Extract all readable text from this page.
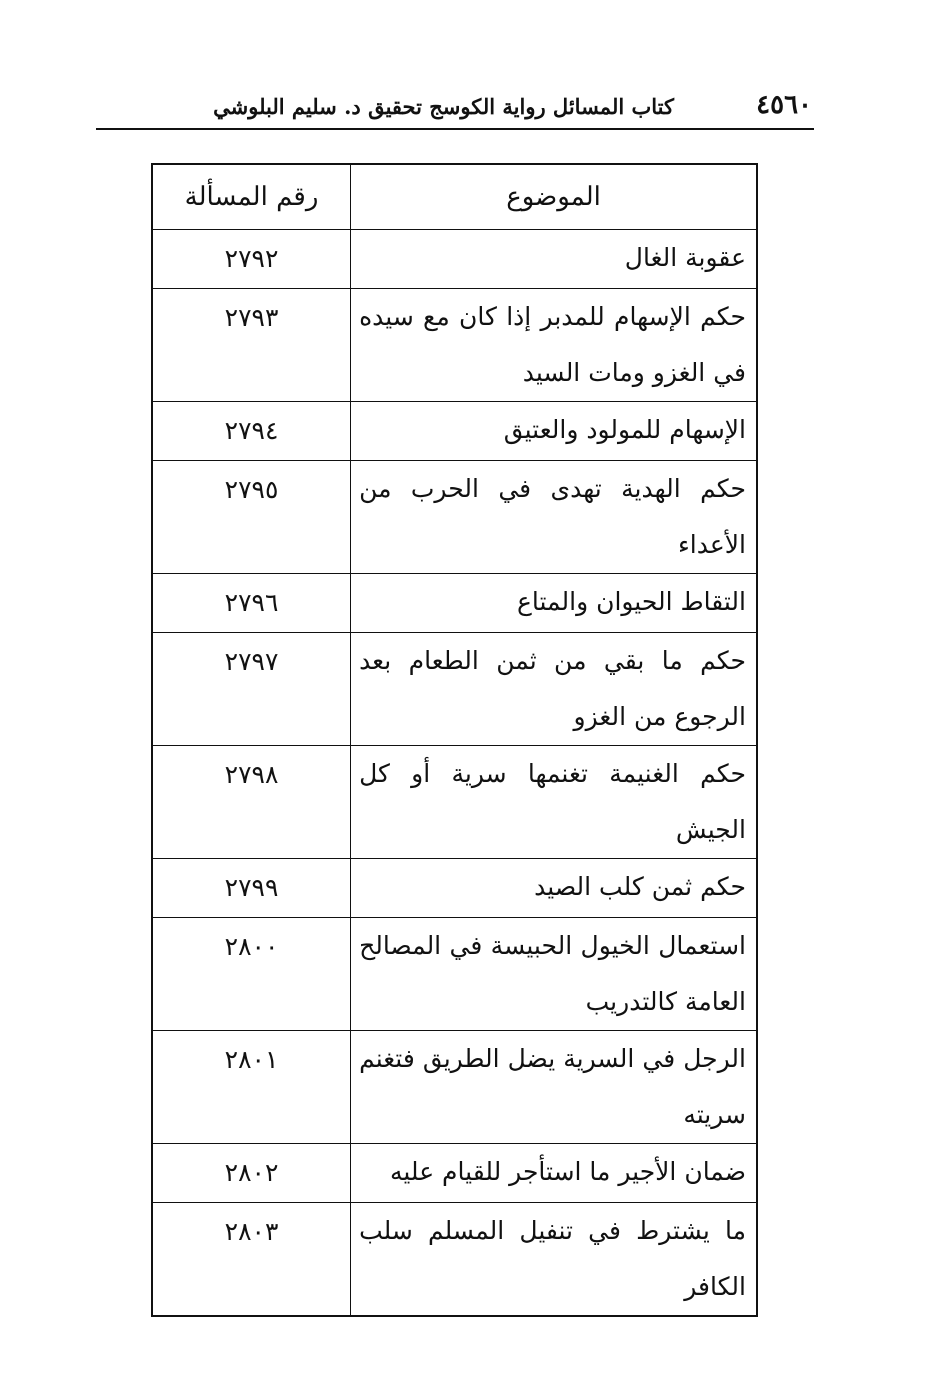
٤٥٦٠
كتاب المسائل رواية الكوسج تحقيق د. سليم البلوشي
الموضوع	رقم المسألة
عقوبة الغال	٢٧٩٢
حكم الإسهام للمدبر إذا كان مع سيده في الغزو ومات السيد	٢٧٩٣
الإسهام للمولود والعتيق	٢٧٩٤
حكم الهدية تهدى في الحرب من الأعداء	٢٧٩٥
التقاط الحيوان والمتاع	٢٧٩٦
حكم ما بقي من ثمن الطعام بعد الرجوع من الغزو	٢٧٩٧
حكم الغنيمة تغنمها سرية أو كل الجيش	٢٧٩٨
حكم ثمن كلب الصيد	٢٧٩٩
استعمال الخيول الحبيسة في المصالح العامة كالتدريب	٢٨٠٠
الرجل في السرية يضل الطريق فتغنم سريته	٢٨٠١
ضمان الأجير ما استأجر للقيام عليه	٢٨٠٢
ما يشترط في تنفيل المسلم سلب الكافر	٢٨٠٣
